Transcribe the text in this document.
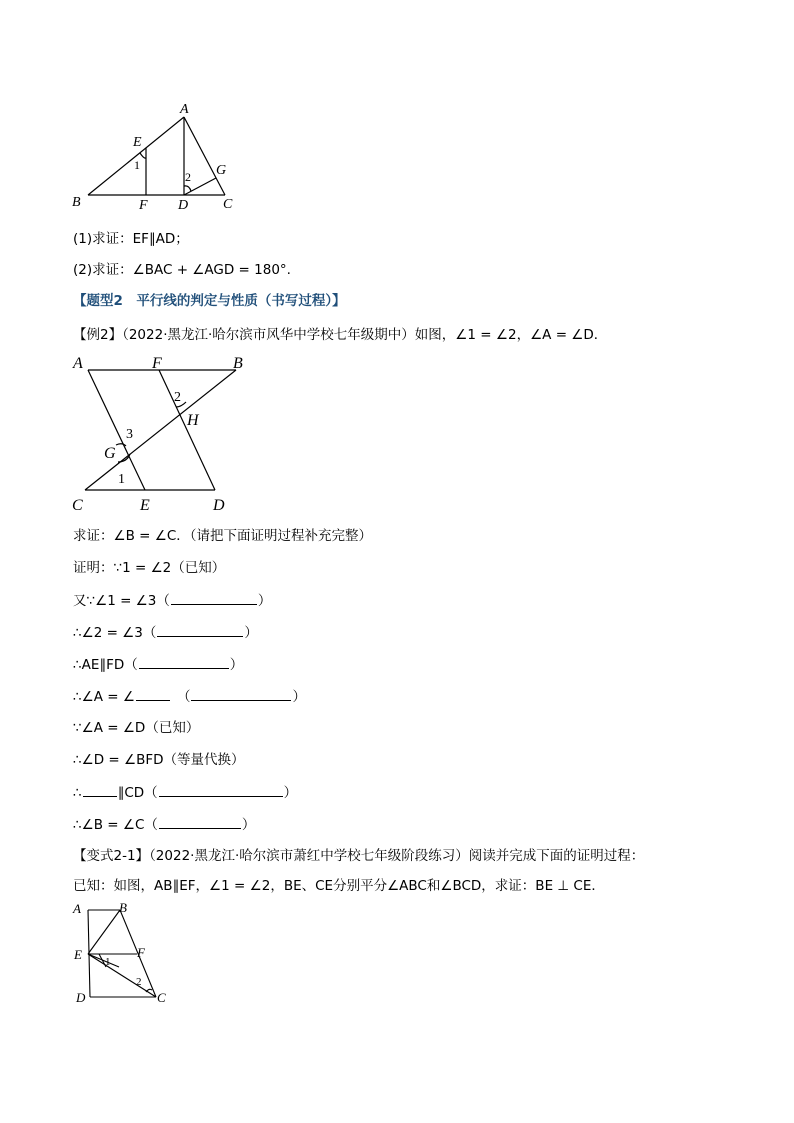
A
B	C
D
E
F
G
1
2
(1)求证：EF∥AD；
(2)求证：∠BAC + ∠AGD = 180°.
【题型2　平行线的判定与性质（书写过程）】
【例2】（2022·黑龙江·哈尔滨市风华中学校七年级期中）如图，∠1 = ∠2，∠A = ∠D．
A	F	B
H
G
C	E	D
2
3
1
求证：∠B = ∠C．（请把下面证明过程补充完整）
证明：∵1 = ∠2（已知）
又∵∠1 = ∠3（	）
∴∠2 = ∠3（	）
∴AE∥FD（	）
∴∠A = ∠	（	）
∵∠A = ∠D（已知）
∴∠D = ∠BFD（等量代换）
∴	∥CD（	）
∴∠B = ∠C（	）
【变式2-1】（2022·黑龙江·哈尔滨市萧红中学校七年级阶段练习）阅读并完成下面的证明过程：
已知：如图，AB∥EF，∠1 = ∠2，BE、CE分别平分∠ABC和∠BCD，求证：BE ⊥ CE．
A	B
E	F
D	C
1
2
